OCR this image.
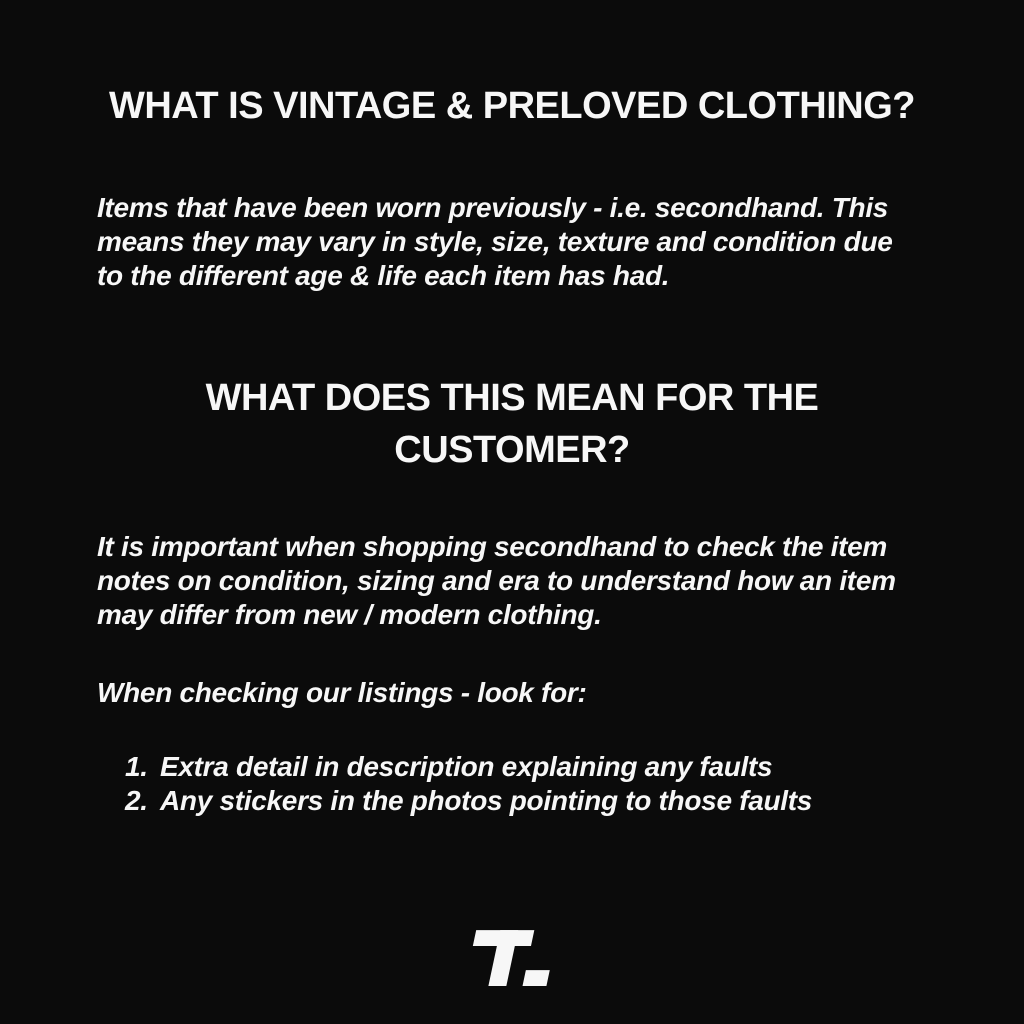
WHAT IS VINTAGE & PRELOVED CLOTHING?
Items that have been worn previously - i.e. secondhand. This
means they may vary in style, size, texture and condition due
to the different age & life each item has had.
WHAT DOES THIS MEAN FOR THE
CUSTOMER?
It is important when shopping secondhand to check the item
notes on condition, sizing and era to understand how an item
may differ from new / modern clothing.
When checking our listings - look for:
1. Extra detail in description explaining any faults
2. Any stickers in the photos pointing to those faults
